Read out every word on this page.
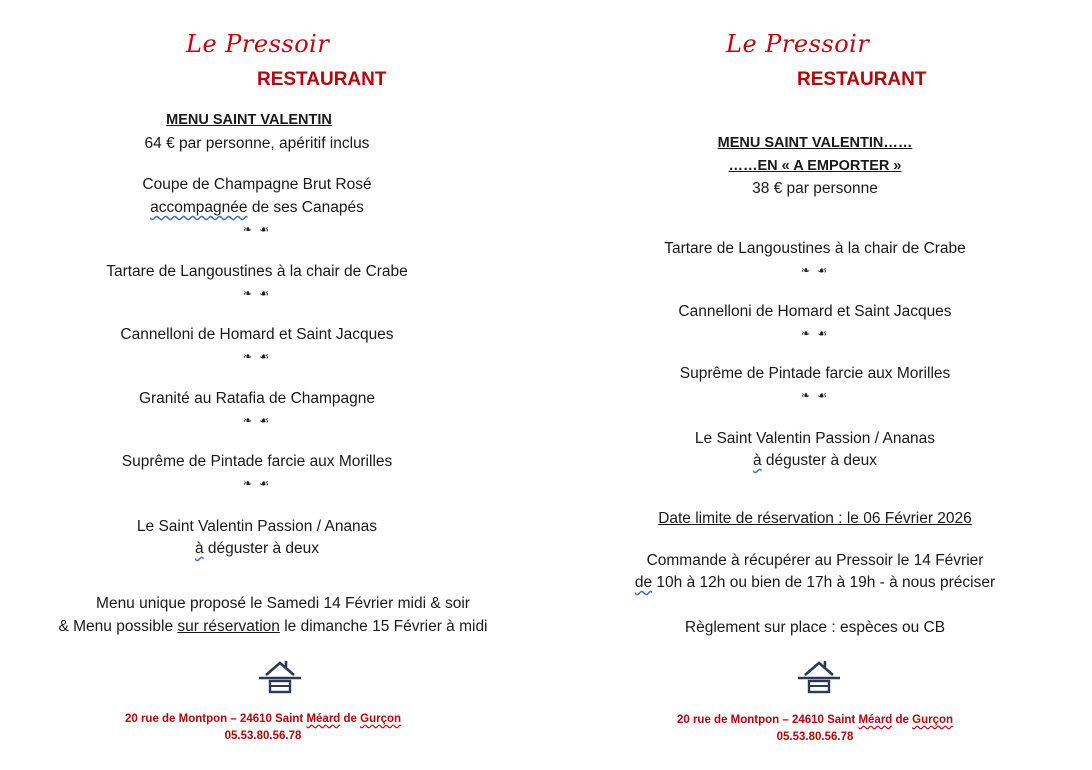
Le Pressoir
RESTAURANT
MENU SAINT VALENTIN
64 € par personne, apéritif inclus
Coupe de Champagne Brut Rosé
accompagnée de ses Canapés
❧ ☙
Tartare de Langoustines à la chair de Crabe
❧ ☙
Cannelloni de Homard et Saint Jacques
❧ ☙
Granité au Ratafia de Champagne
❧ ☙
Suprême de Pintade farcie aux Morilles
❧ ☙
Le Saint Valentin Passion / Ananas
à déguster à deux
Menu unique proposé le Samedi 14 Février midi & soir
& Menu possible sur réservation le dimanche 15 Février à midi
20 rue de Montpon – 24610 Saint Méard de Gurçon
05.53.80.56.78
Le Pressoir
RESTAURANT
MENU SAINT VALENTIN……
……EN « A EMPORTER »
38 € par personne
Tartare de Langoustines à la chair de Crabe
❧ ☙
Cannelloni de Homard et Saint Jacques
❧ ☙
Suprême de Pintade farcie aux Morilles
❧ ☙
Le Saint Valentin Passion / Ananas
à déguster à deux
Date limite de réservation : le 06 Février 2026
Commande à récupérer au Pressoir le 14 Février
de 10h à 12h ou bien de 17h à 19h - à nous préciser
Règlement sur place : espèces ou CB
20 rue de Montpon – 24610 Saint Méard de Gurçon
05.53.80.56.78
